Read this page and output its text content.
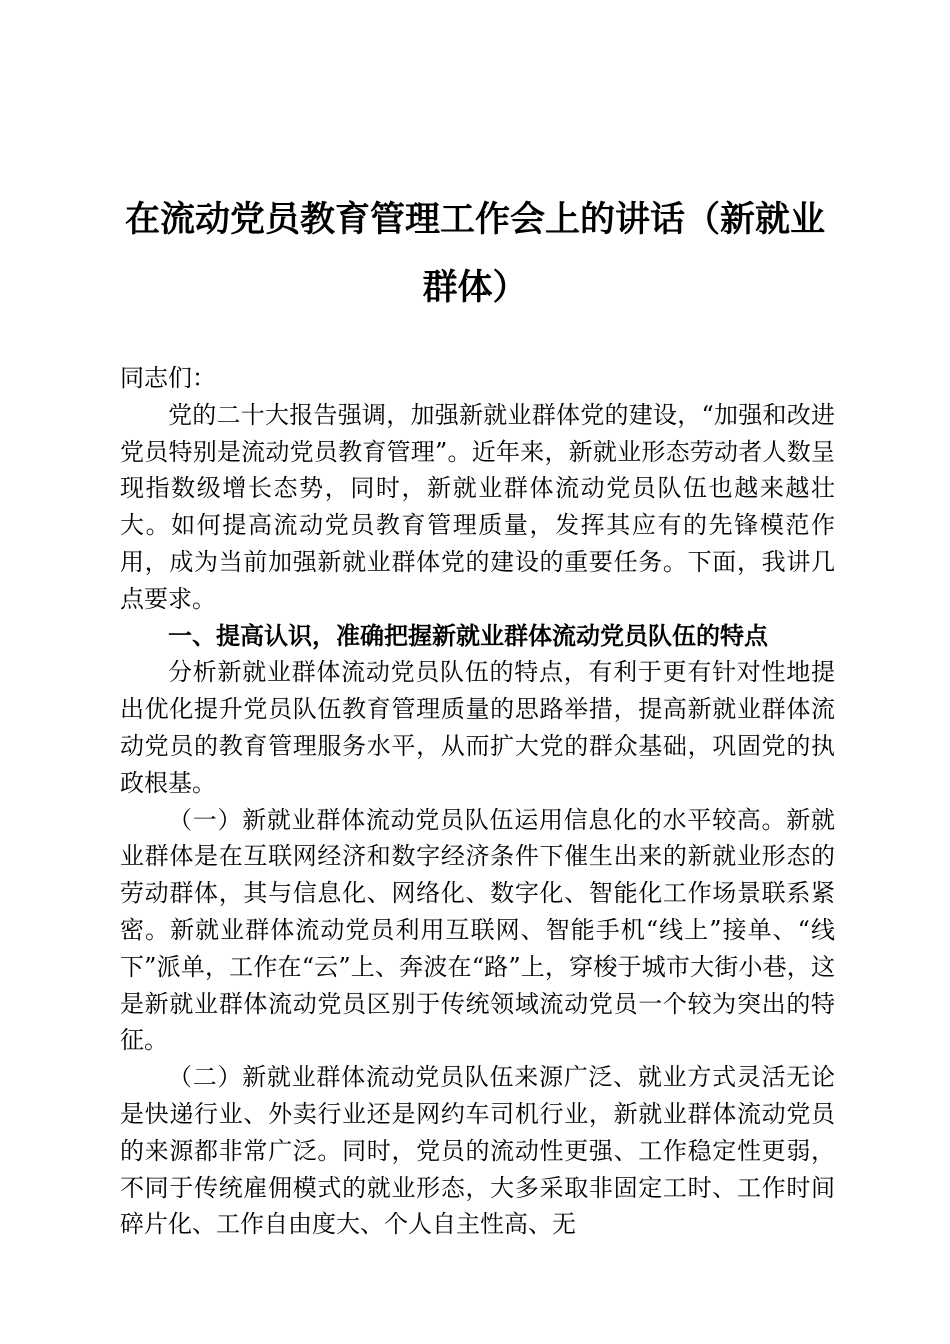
在流动党员教育管理工作会上的讲话（新就业群体）

同志们：

党的二十大报告强调，加强新就业群体党的建设，“加强和改进党员特别是流动党员教育管理”。近年来，新就业形态劳动者人数呈现指数级增长态势，同时，新就业群体流动党员队伍也越来越壮大。如何提高流动党员教育管理质量，发挥其应有的先锋模范作用，成为当前加强新就业群体党的建设的重要任务。下面，我讲几点要求。

一、提高认识，准确把握新就业群体流动党员队伍的特点

分析新就业群体流动党员队伍的特点，有利于更有针对性地提出优化提升党员队伍教育管理质量的思路举措，提高新就业群体流动党员的教育管理服务水平，从而扩大党的群众基础，巩固党的执政根基。

（一）新就业群体流动党员队伍运用信息化的水平较高。新就业群体是在互联网经济和数字经济条件下催生出来的新就业形态的劳动群体，其与信息化、网络化、数字化、智能化工作场景联系紧密。新就业群体流动党员利用互联网、智能手机“线上”接单、“线下”派单，工作在“云”上、奔波在“路”上，穿梭于城市大街小巷，这是新就业群体流动党员区别于传统领域流动党员一个较为突出的特征。

（二）新就业群体流动党员队伍来源广泛、就业方式灵活无论是快递行业、外卖行业还是网约车司机行业，新就业群体流动党员的来源都非常广泛。同时，党员的流动性更强、工作稳定性更弱，不同于传统雇佣模式的就业形态，大多采取非固定工时、工作时间碎片化、工作自由度大、个人自主性高、无
